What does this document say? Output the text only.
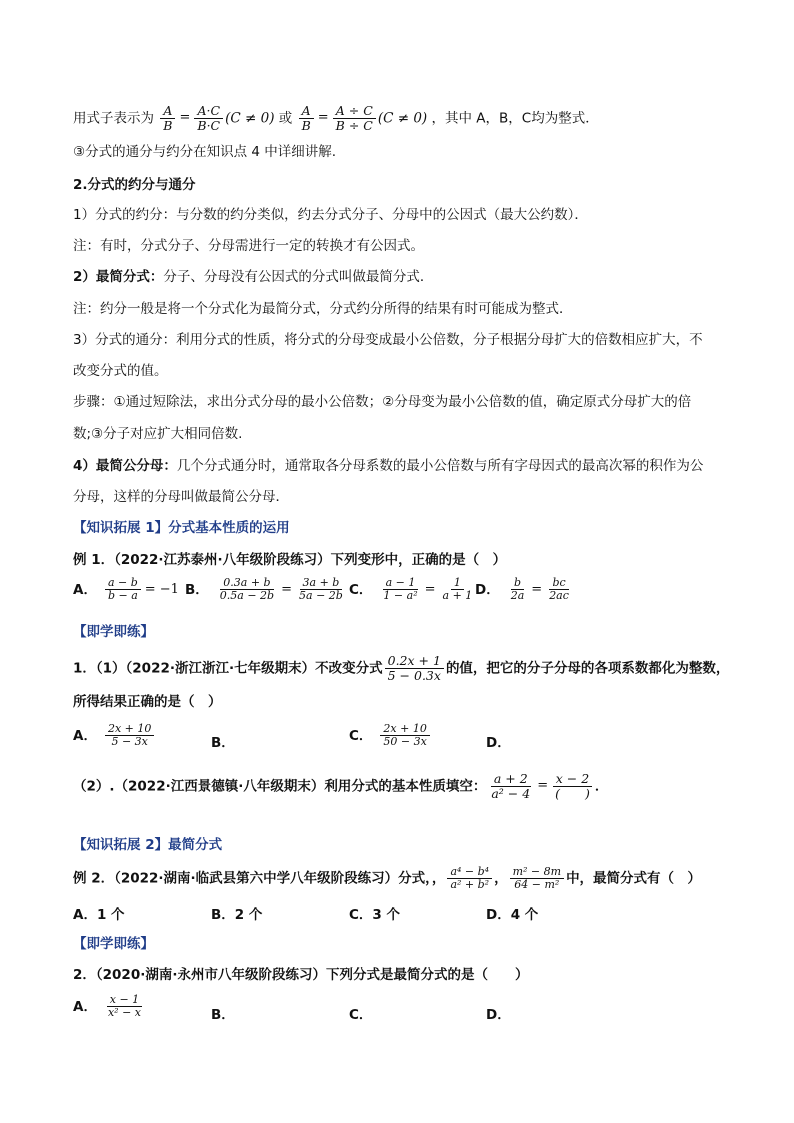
用式子表示为 $\frac{A}{B} = \frac{A\cdot C}{B\cdot C} (C \ne 0)$ 或 $\frac{A}{B} = \frac{A \div C}{B \div C} (C \ne 0)$ ，其中 A，B，C均为整式．
③分式的通分与约分在知识点 4 中详细讲解.
2.分式的约分与通分
1）分式的约分：与分数的约分类似，约去分式分子、分母中的公因式（最大公约数）．
注：有时，分式分子、分母需进行一定的转换才有公因式。
2）最简分式：分子、分母没有公因式的分式叫做最简分式．
注：约分一般是将一个分式化为最简分式，分式约分所得的结果有时可能成为整式．
3）分式的通分：利用分式的性质，将分式的分母变成最小公倍数，分子根据分母扩大的倍数相应扩大，不
改变分式的值。
步骤：①通过短除法，求出分式分母的最小公倍数；②分母变为最小公倍数的值，确定原式分母扩大的倍
数;③分子对应扩大相同倍数.
4）最简公分母：几个分式通分时，通常取各分母系数的最小公倍数与所有字母因式的最高次幂的积作为公
分母，这样的分母叫做最简公分母．
【知识拓展 1】分式基本性质的运用
例 1．（2022·江苏泰州·八年级阶段练习）下列变形中，正确的是（　）
A． $\frac{a - b}{b - a} = -1$ B． $\frac{0.3a + b}{0.5a - 2b} = \frac{3a + b}{5a - 2b}$ C． $\frac{a - 1}{\text{1 − a²}} = \frac{1}{a + 1}$ D． $\frac{b}{2a} = \frac{bc}{2ac}$
【即学即练】
1．（1）（2022·浙江浙江·七年级期末）不改变分式 $\frac{0.2x + 1}{5 - 0.3x}$ 的值，把它的分子分母的各项系数都化为整数，
所得结果正确的是（　）
A． $\frac{2x + 10}{5 - 3x}$	B．	C． $\frac{2x + 10}{50 - 3x}$	D．
（2）.（2022·江西景德镇·八年级期末）利用分式的基本性质填空： $\frac{a + 2}{\text{a² − 4}} = \frac{x - 2}{( )}$ ．
【知识拓展 2】最简分式
例 2．（2022·湖南·临武县第六中学八年级阶段练习）分式，， $\frac{\text{a⁴ − b⁴}}{\text{a² + b²}}$ ， $\frac{\text{m² − 8m}}{\text{64 − m²}}$ 中，最简分式有（　）
A．1 个	B．2 个	C．3 个	D．4 个
【即学即练】
2．（2020·湖南·永州市八年级阶段练习）下列分式是最简分式的是（　　）
A． $\frac{x - 1}{\text{x² − x}}$	B．	C．	D．
